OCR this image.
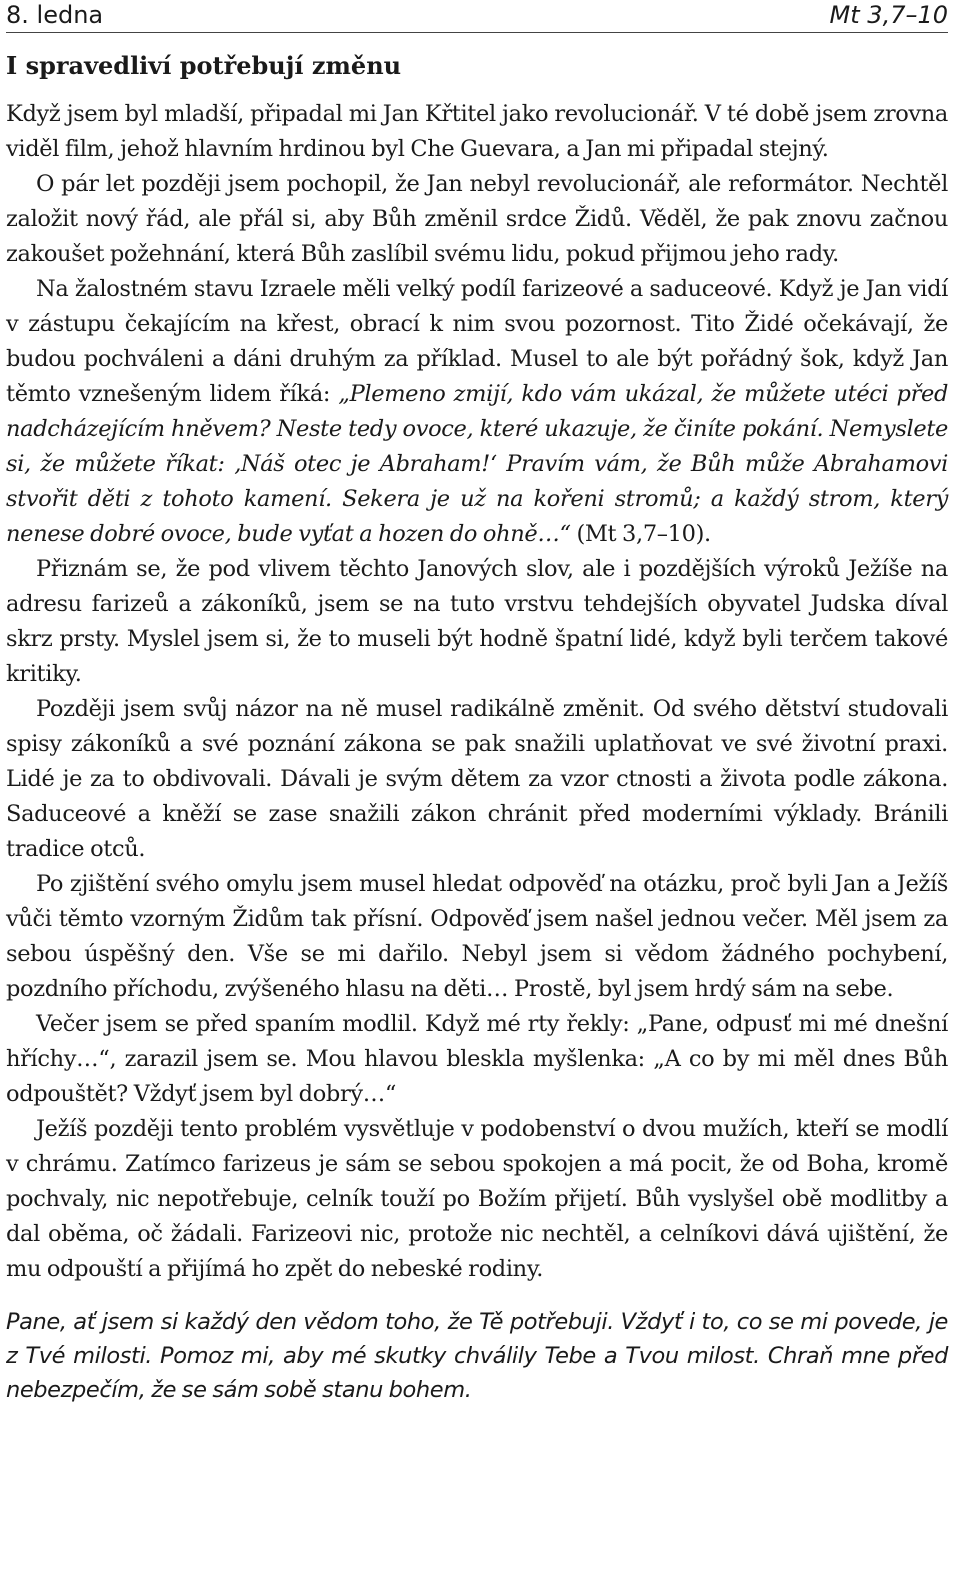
8. ledna	Mt 3,7–10
I spravedliví potřebují změnu

Když jsem byl mladší, připadal mi Jan Křtitel jako revolucionář. V té době jsem zrovna viděl film, jehož hlavním hrdinou byl Che Guevara, a Jan mi připadal stejný.

O pár let později jsem pochopil, že Jan nebyl revolucionář, ale reformátor. Nechtěl založit nový řád, ale přál si, aby Bůh změnil srdce Židů. Věděl, že pak znovu začnou zakoušet požehnání, která Bůh zaslíbil svému lidu, pokud přijmou jeho rady.

Na žalostném stavu Izraele měli velký podíl farizeové a saduceové. Když je Jan vidí v zástupu čekajícím na křest, obrací k nim svou pozornost. Tito Židé očekávají, že budou pochváleni a dáni druhým za příklad. Musel to ale být pořádný šok, když Jan těmto vznešeným lidem říká: „Plemeno zmijí, kdo vám ukázal, že můžete utéci před nadcházejícím hněvem? Neste tedy ovoce, které ukazuje, že činíte pokání. Nemyslete si, že můžete říkat: ‚Náš otec je Abraham!‘ Pravím vám, že Bůh může Abrahamovi stvořit děti z tohoto kamení. Sekera je už na kořeni stromů; a každý strom, který nenese dobré ovoce, bude vyťat a hozen do ohně…“ (Mt 3,7–10).

Přiznám se, že pod vlivem těchto Janových slov, ale i pozdějších výroků Ježíše na adresu farizeů a zákoníků, jsem se na tuto vrstvu tehdejších obyvatel Judska díval skrz prsty. Myslel jsem si, že to museli být hodně špatní lidé, když byli terčem takové kritiky.

Později jsem svůj názor na ně musel radikálně změnit. Od svého dětství studovali spisy zákoníků a své poznání zákona se pak snažili uplatňovat ve své životní praxi. Lidé je za to obdivovali. Dávali je svým dětem za vzor ctnosti a života podle zákona. Saduceové a kněží se zase snažili zákon chránit před moderními výklady. Bránili tradice otců.

Po zjištění svého omylu jsem musel hledat odpověď na otázku, proč byli Jan a Ježíš vůči těmto vzorným Židům tak přísní. Odpověď jsem našel jednou večer. Měl jsem za sebou úspěšný den. Vše se mi dařilo. Nebyl jsem si vědom žádného pochybení, pozdního příchodu, zvýšeného hlasu na děti… Prostě, byl jsem hrdý sám na sebe.

Večer jsem se před spaním modlil. Když mé rty řekly: „Pane, odpusť mi mé dnešní hříchy…“, zarazil jsem se. Mou hlavou bleskla myšlenka: „A co by mi měl dnes Bůh odpouštět? Vždyť jsem byl dobrý…“

Ježíš později tento problém vysvětluje v podobenství o dvou mužích, kteří se modlí v chrámu. Zatímco farizeus je sám se sebou spokojen a má pocit, že od Boha, kromě pochvaly, nic nepotřebuje, celník touží po Božím přijetí. Bůh vyslyšel obě modlitby a dal oběma, oč žádali. Farizeovi nic, protože nic nechtěl, a celníkovi dává ujištění, že mu odpouští a přijímá ho zpět do nebeské rodiny.

Pane, ať jsem si každý den vědom toho, že Tě potřebuji. Vždyť i to, co se mi povede, je z Tvé milosti. Pomoz mi, aby mé skutky chválily Tebe a Tvou milost. Chraň mne před nebezpečím, že se sám sobě stanu bohem.
